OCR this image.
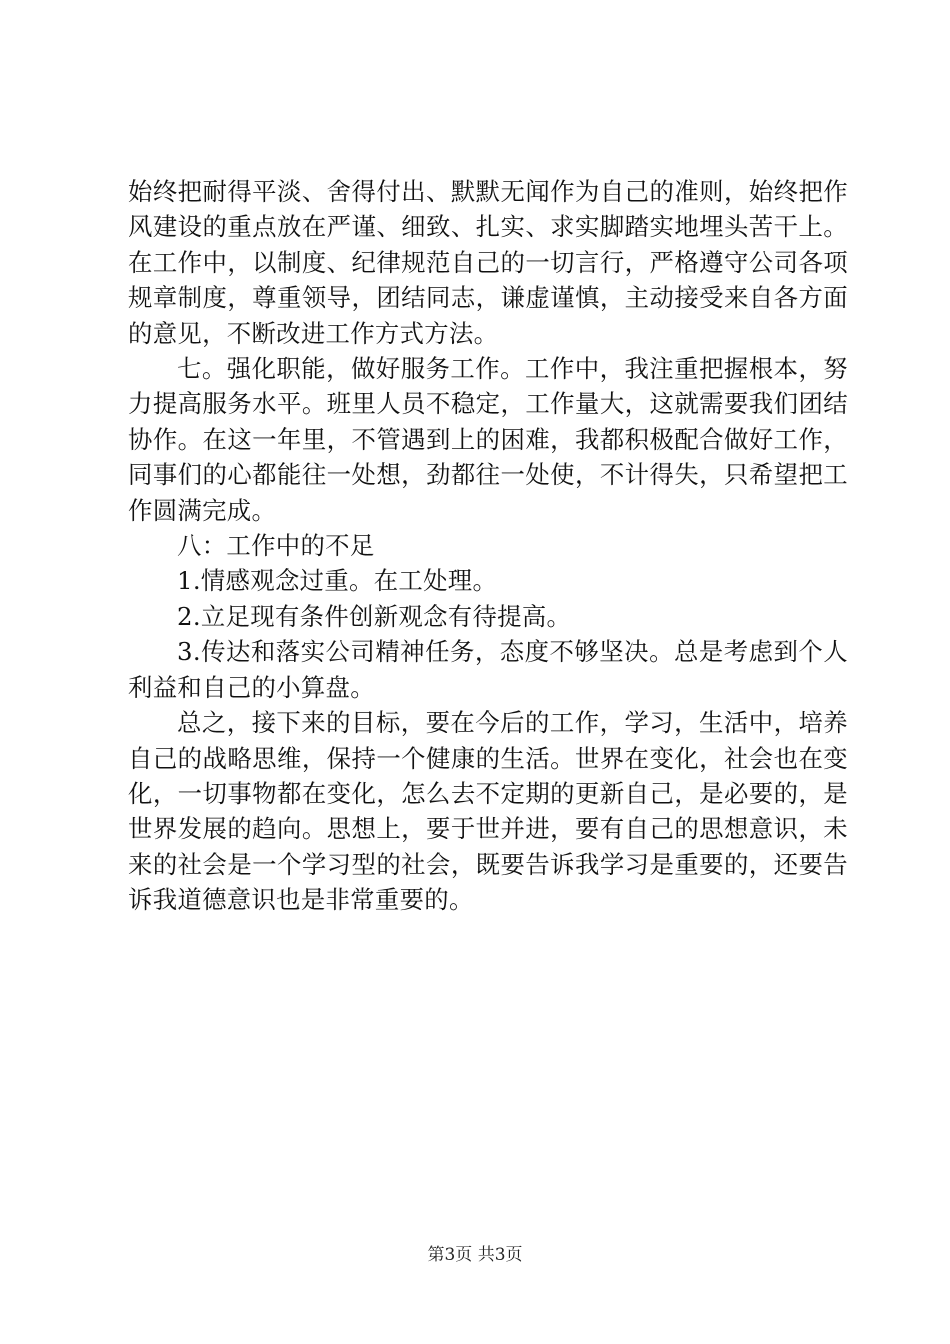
始终把耐得平淡、舍得付出、默默无闻作为自己的准则，始终把作风建设的重点放在严谨、细致、扎实、求实脚踏实地埋头苦干上。在工作中，以制度、纪律规范自己的一切言行，严格遵守公司各项规章制度，尊重领导，团结同志，谦虚谨慎，主动接受来自各方面的意见，不断改进工作方式方法。

七。强化职能，做好服务工作。工作中，我注重把握根本，努力提高服务水平。班里人员不稳定，工作量大，这就需要我们团结协作。在这一年里，不管遇到上的困难，我都积极配合做好工作，同事们的心都能往一处想，劲都往一处使，不计得失，只希望把工作圆满完成。

八：工作中的不足

1.情感观念过重。在工处理。

2.立足现有条件创新观念有待提高。

3.传达和落实公司精神任务，态度不够坚决。总是考虑到个人利益和自己的小算盘。

总之，接下来的目标，要在今后的工作，学习，生活中，培养自己的战略思维，保持一个健康的生活。世界在变化，社会也在变化，一切事物都在变化，怎么去不定期的更新自己，是必要的，是世界发展的趋向。思想上，要于世并进，要有自己的思想意识，未来的社会是一个学习型的社会，既要告诉我学习是重要的，还要告诉我道德意识也是非常重要的。

第3页 共3页
